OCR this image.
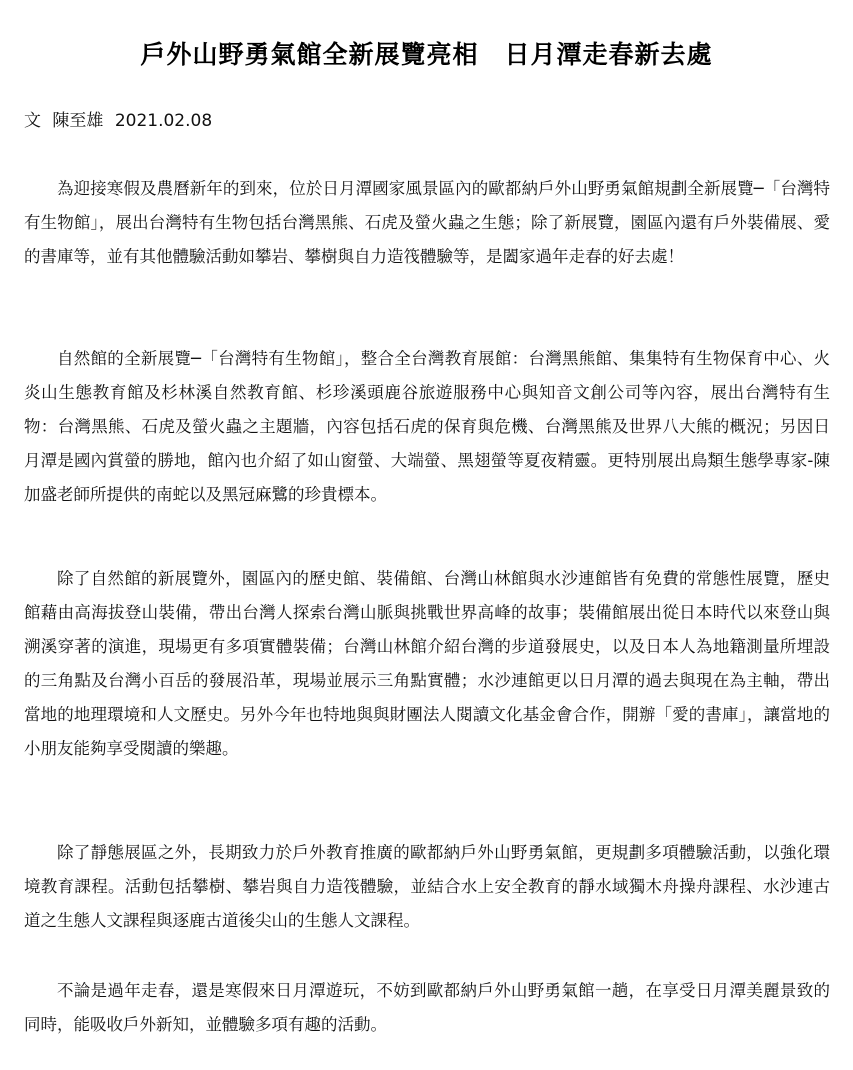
戶外山野勇氣館全新展覽亮相　日月潭走春新去處
文 陳至雄 2021.02.08

為迎接寒假及農曆新年的到來，位於日月潭國家風景區內的歐都納戶外山野勇氣館規劃全新展覽─「台灣特有生物館」，展出台灣特有生物包括台灣黑熊、石虎及螢火蟲之生態；除了新展覽，園區內還有戶外裝備展、愛的書庫等，並有其他體驗活動如攀岩、攀樹與自力造筏體驗等，是闔家過年走春的好去處！

自然館的全新展覽─「台灣特有生物館」，整合全台灣教育展館：台灣黑熊館、集集特有生物保育中心、火炎山生態教育館及杉林溪自然教育館、杉珍溪頭鹿谷旅遊服務中心與知音文創公司等內容，展出台灣特有生物：台灣黑熊、石虎及螢火蟲之主題牆，內容包括石虎的保育與危機、台灣黑熊及世界八大熊的概況；另因日月潭是國內賞螢的勝地，館內也介紹了如山窗螢、大端螢、黑翅螢等夏夜精靈。更特別展出鳥類生態學專家-陳加盛老師所提供的南蛇以及黑冠麻鷺的珍貴標本。

除了自然館的新展覽外，園區內的歷史館、裝備館、台灣山林館與水沙連館皆有免費的常態性展覽，歷史館藉由高海拔登山裝備，帶出台灣人探索台灣山脈與挑戰世界高峰的故事；裝備館展出從日本時代以來登山與溯溪穿著的演進，現場更有多項實體裝備；台灣山林館介紹台灣的步道發展史，以及日本人為地籍測量所埋設的三角點及台灣小百岳的發展沿革，現場並展示三角點實體；水沙連館更以日月潭的過去與現在為主軸，帶出當地的地理環境和人文歷史。另外今年也特地與與財團法人閱讀文化基金會合作，開辦「愛的書庫」，讓當地的小朋友能夠享受閱讀的樂趣。

除了靜態展區之外，長期致力於戶外教育推廣的歐都納戶外山野勇氣館，更規劃多項體驗活動，以強化環境教育課程。活動包括攀樹、攀岩與自力造筏體驗，並結合水上安全教育的靜水域獨木舟操舟課程、水沙連古道之生態人文課程與逐鹿古道後尖山的生態人文課程。

不論是過年走春，還是寒假來日月潭遊玩，不妨到歐都納戶外山野勇氣館一趟，在享受日月潭美麗景致的同時，能吸收戶外新知，並體驗多項有趣的活動。
